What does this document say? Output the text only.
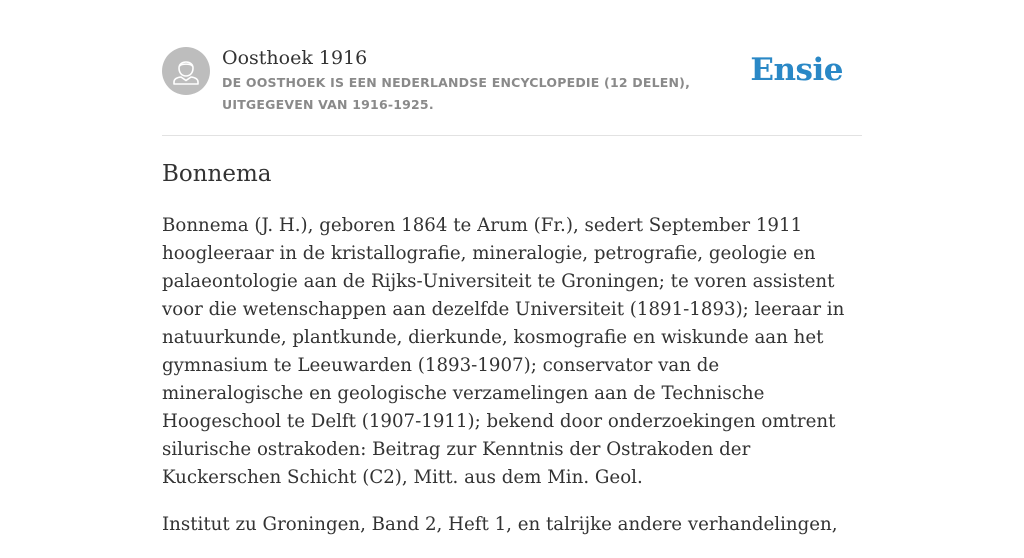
Oosthoek 1916
DE OOSTHOEK IS EEN NEDERLANDSE ENCYCLOPEDIE (12 DELEN), UITGEGEVEN VAN 1916-1925.
Ensie
Bonnema

Bonnema (J. H.), geboren 1864 te Arum (Fr.), sedert September 1911 hoogleeraar in de kristallografie, mineralogie, petrografie, geologie en palaeontologie aan de Rijks-Universiteit te Groningen; te voren assistent voor die wetenschappen aan dezelfde Universiteit (1891-1893); leeraar in natuurkunde, plantkunde, dierkunde, kosmografie en wiskunde aan het gymnasium te Leeuwarden (1893-1907); conservator van de mineralogische en geologische verzamelingen aan de Technische Hoogeschool te Delft (1907-1911); bekend door onderzoekingen omtrent silurische ostrakoden: Beitrag zur Kenntnis der Ostrakoden der Kuckerschen Schicht (C2), Mitt. aus dem Min. Geol.

Institut zu Groningen, Band 2, Heft 1, en talrijke andere verhandelingen,
